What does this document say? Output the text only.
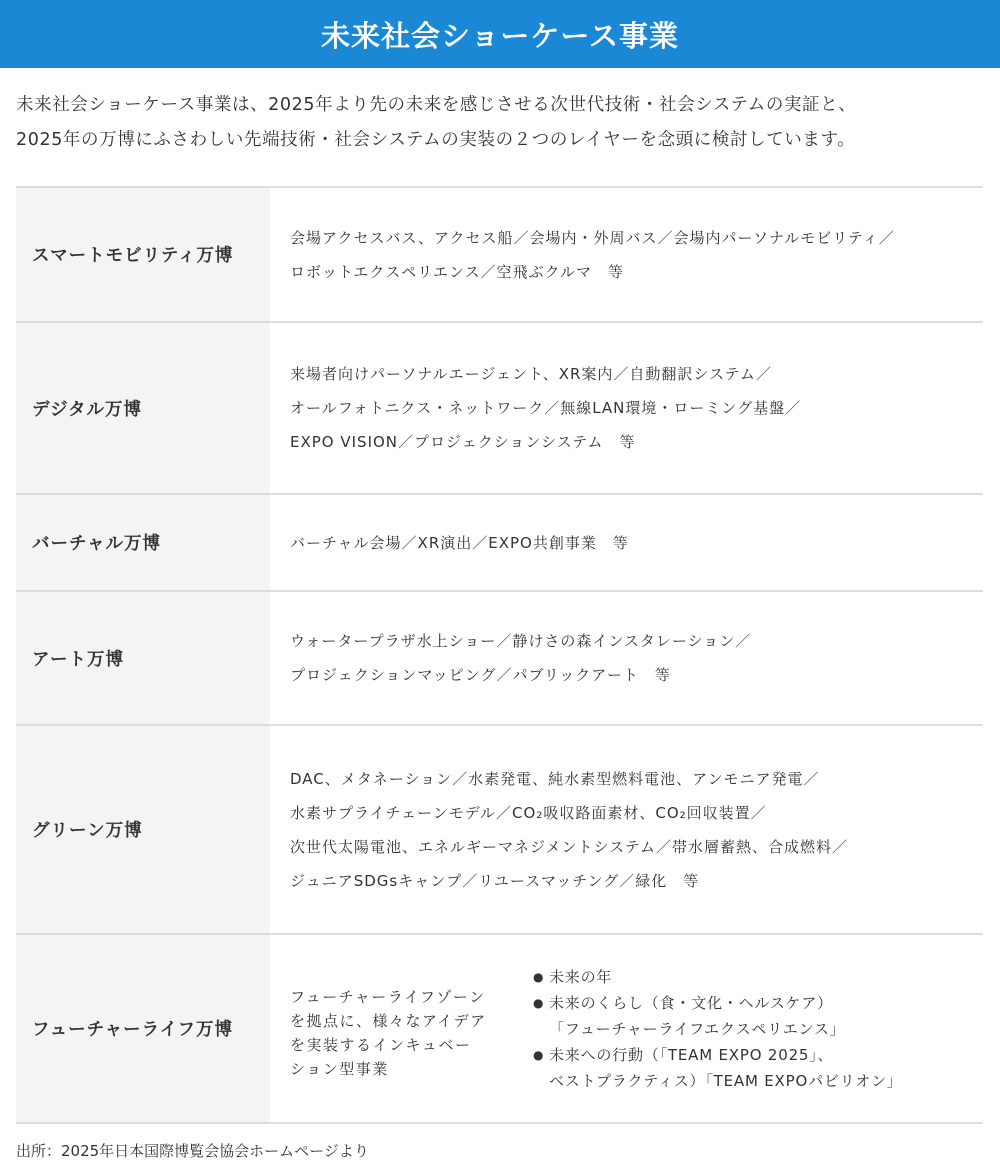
未来社会ショーケース事業

未来社会ショーケース事業は、2025年より先の未来を感じさせる次世代技術・社会システムの実証と、

2025年の万博にふさわしい先端技術・社会システムの実装の２つのレイヤーを念頭に検討しています。

スマートモビリティ万博
会場アクセスバス、アクセス船／会場内・外周バス／会場内パーソナルモビリティ／
ロボットエクスペリエンス／空飛ぶクルマ　等
デジタル万博
来場者向けパーソナルエージェント、XR案内／自動翻訳システム／
オールフォトニクス・ネットワーク／無線LAN環境・ローミング基盤／
EXPO VISION／プロジェクションシステム　等
バーチャル万博	バーチャル会場／XR演出／EXPO共創事業　等
アート万博
ウォータープラザ水上ショー／静けさの森インスタレーション／
プロジェクションマッピング／パブリックアート　等
グリーン万博
DAC、メタネーション／水素発電、純水素型燃料電池、アンモニア発電／
水素サプライチェーンモデル／CO₂吸収路面素材、CO₂回収装置／
次世代太陽電池、エネルギーマネジメントシステム／帯水層蓄熱、合成燃料／
ジュニアSDGsキャンプ／リユースマッチング／緑化　等
フューチャーライフ万博
フューチャーライフゾーン
を拠点に、様々なアイデア
を実装するインキュベー
ション型事業
● 未来の年
● 未来のくらし（食・文化・ヘルスケア）
「フューチャーライフエクスペリエンス」
● 未来への行動（「TEAM EXPO 2025」、
ベストプラクティス）「TEAM EXPOパビリオン」
出所：2025年日本国際博覧会協会ホームページより
